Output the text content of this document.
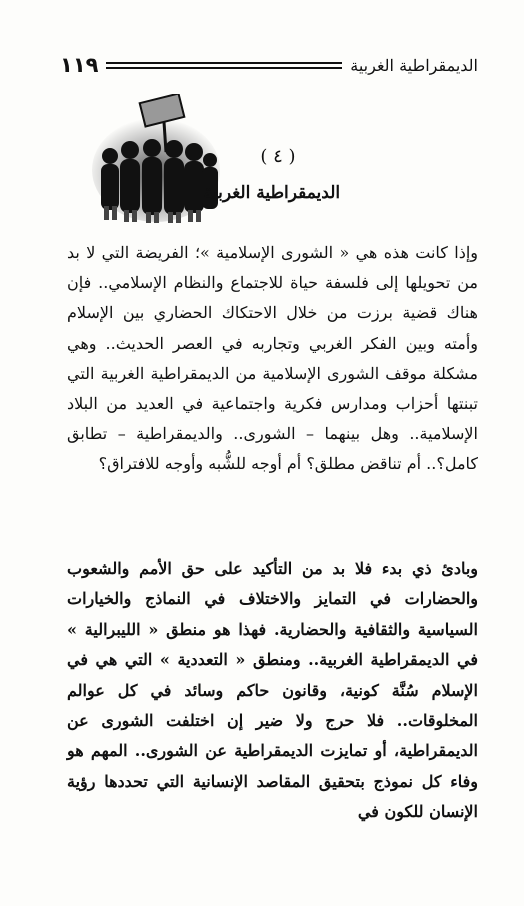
الديمقراطية الغربية
١١٩
( ٤ )
الديمقراطية الغربية

وإذا كانت هذه هي « الشورى الإسلامية »؛ الفريضة التي لا بد من تحويلها إلى فلسفة حياة للاجتماع والنظام الإسلامي.. فإن هناك قضية برزت من خلال الاحتكاك الحضاري بين الإسلام وأمته وبين الفكر الغربي وتجاربه في العصر الحديث.. وهي مشكلة موقف الشورى الإسلامية من الديمقراطية الغربية التي تبنتها أحزاب ومدارس فكرية واجتماعية في العديد من البلاد الإسلامية.. وهل بينهما – الشورى.. والديمقراطية – تطابق كامل؟.. أم تناقض مطلق؟ أم أوجه للشُّبه وأوجه للافتراق؟

وبادئ ذي بدء فلا بد من التأكيد على حق الأمم والشعوب والحضارات في التمايز والاختلاف في النماذج والخيارات السياسية والثقافية والحضارية. فهذا هو منطق « الليبرالية » في الديمقراطية الغربية.. ومنطق « التعددية » التي هي في الإسلام سُنَّة كونية، وقانون حاكم وسائد في كل عوالم المخلوقات.. فلا حرج ولا ضير إن اختلفت الشورى عن الديمقراطية، أو تمايزت الديمقراطية عن الشورى.. المهم هو وفاء كل نموذج بتحقيق المقاصد الإنسانية التي تحددها رؤية الإنسان للكون في
